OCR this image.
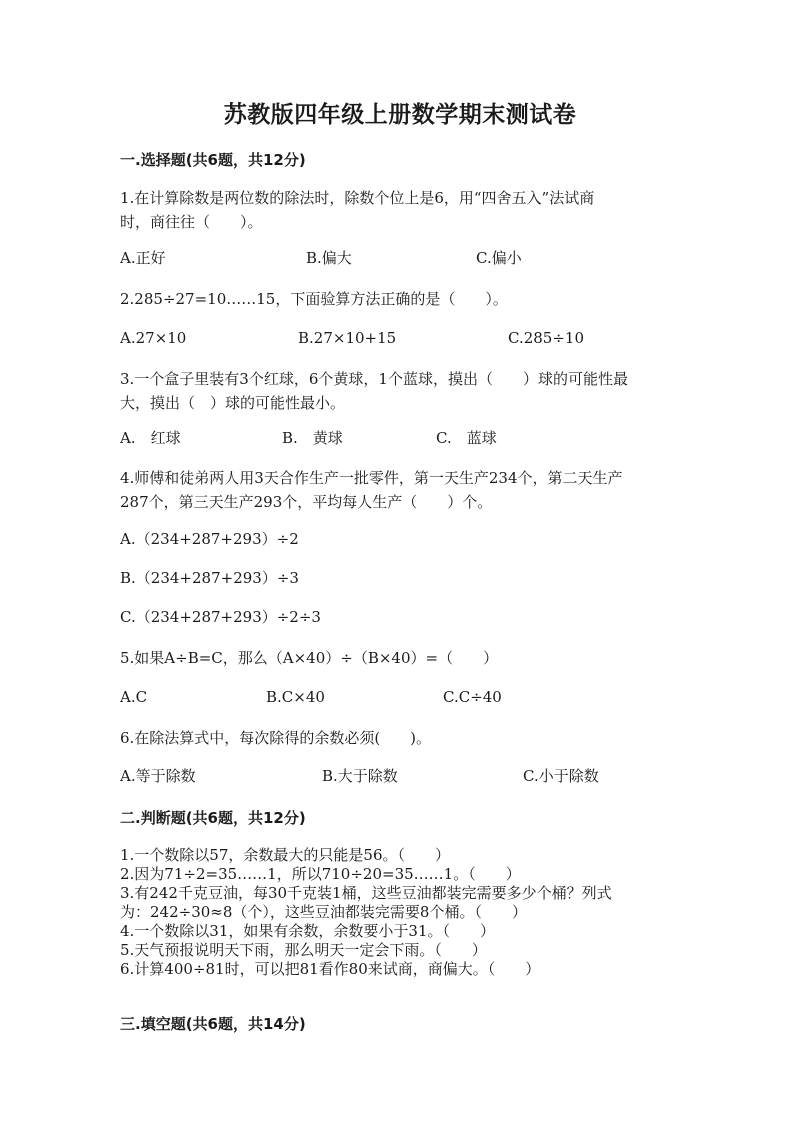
苏教版四年级上册数学期末测试卷
一.选择题(共6题，共12分)
1.在计算除数是两位数的除法时，除数个位上是6，用“四舍五入”法试商
时，商往往（　　）。
A.正好	B.偏大	C.偏小
2.285÷27=10……15，下面验算方法正确的是（　　）。
A.27×10	B.27×10+15	C.285÷10
3.一个盒子里装有3个红球，6个黄球，1个蓝球，摸出（　　）球的可能性最
大，摸出（　）球的可能性最小。
A.　红球	B.　黄球	C.　蓝球
4.师傅和徒弟两人用3天合作生产一批零件，第一天生产234个，第二天生产
287个，第三天生产293个，平均每人生产（　　）个。
A.（234+287+293）÷2
B.（234+287+293）÷3
C.（234+287+293）÷2÷3
5.如果A÷B=C，那么（A×40）÷（B×40）=（　　）
A.C	B.C×40	C.C÷40
6.在除法算式中，每次除得的余数必须(　　)。
A.等于除数	B.大于除数	C.小于除数
二.判断题(共6题，共12分)
1.一个数除以57，余数最大的只能是56。（　　）
2.因为71÷2=35……1，所以710÷20=35……1。（　　）
3.有242千克豆油，每30千克装1桶，这些豆油都装完需要多少个桶？列式
为：242÷30≈8（个），这些豆油都装完需要8个桶。（　　）
4.一个数除以31，如果有余数，余数要小于31。（　　）
5.天气预报说明天下雨，那么明天一定会下雨。（　　）
6.计算400÷81时，可以把81看作80来试商，商偏大。（　　）
三.填空题(共6题，共14分)
